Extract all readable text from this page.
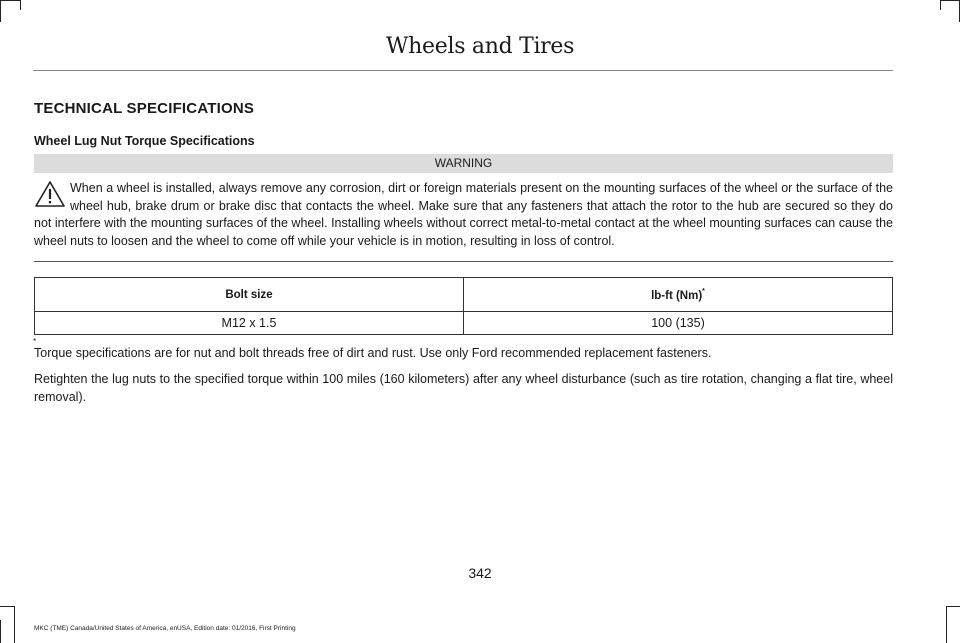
Wheels and Tires
TECHNICAL SPECIFICATIONS
Wheel Lug Nut Torque Specifications
WARNING
When a wheel is installed, always remove any corrosion, dirt or foreign materials present on the mounting surfaces of the wheel or the surface of the wheel hub, brake drum or brake disc that contacts the wheel. Make sure that any fasteners that attach the rotor to the hub are secured so they do not interfere with the mounting surfaces of the wheel. Installing wheels without correct metal-to-metal contact at the wheel mounting surfaces can cause the wheel nuts to loosen and the wheel to come off while your vehicle is in motion, resulting in loss of control.
Bolt size	lb-ft (Nm)*
M12 x 1.5	100 (135)
*
Torque specifications are for nut and bolt threads free of dirt and rust. Use only Ford recommended replacement fasteners.
Retighten the lug nuts to the specified torque within 100 miles (160 kilometers) after any wheel disturbance (such as tire rotation, changing a flat tire, wheel removal).
342
MKC (TME) Canada/United States of America, enUSA, Edition date: 01/2016, First Printing
